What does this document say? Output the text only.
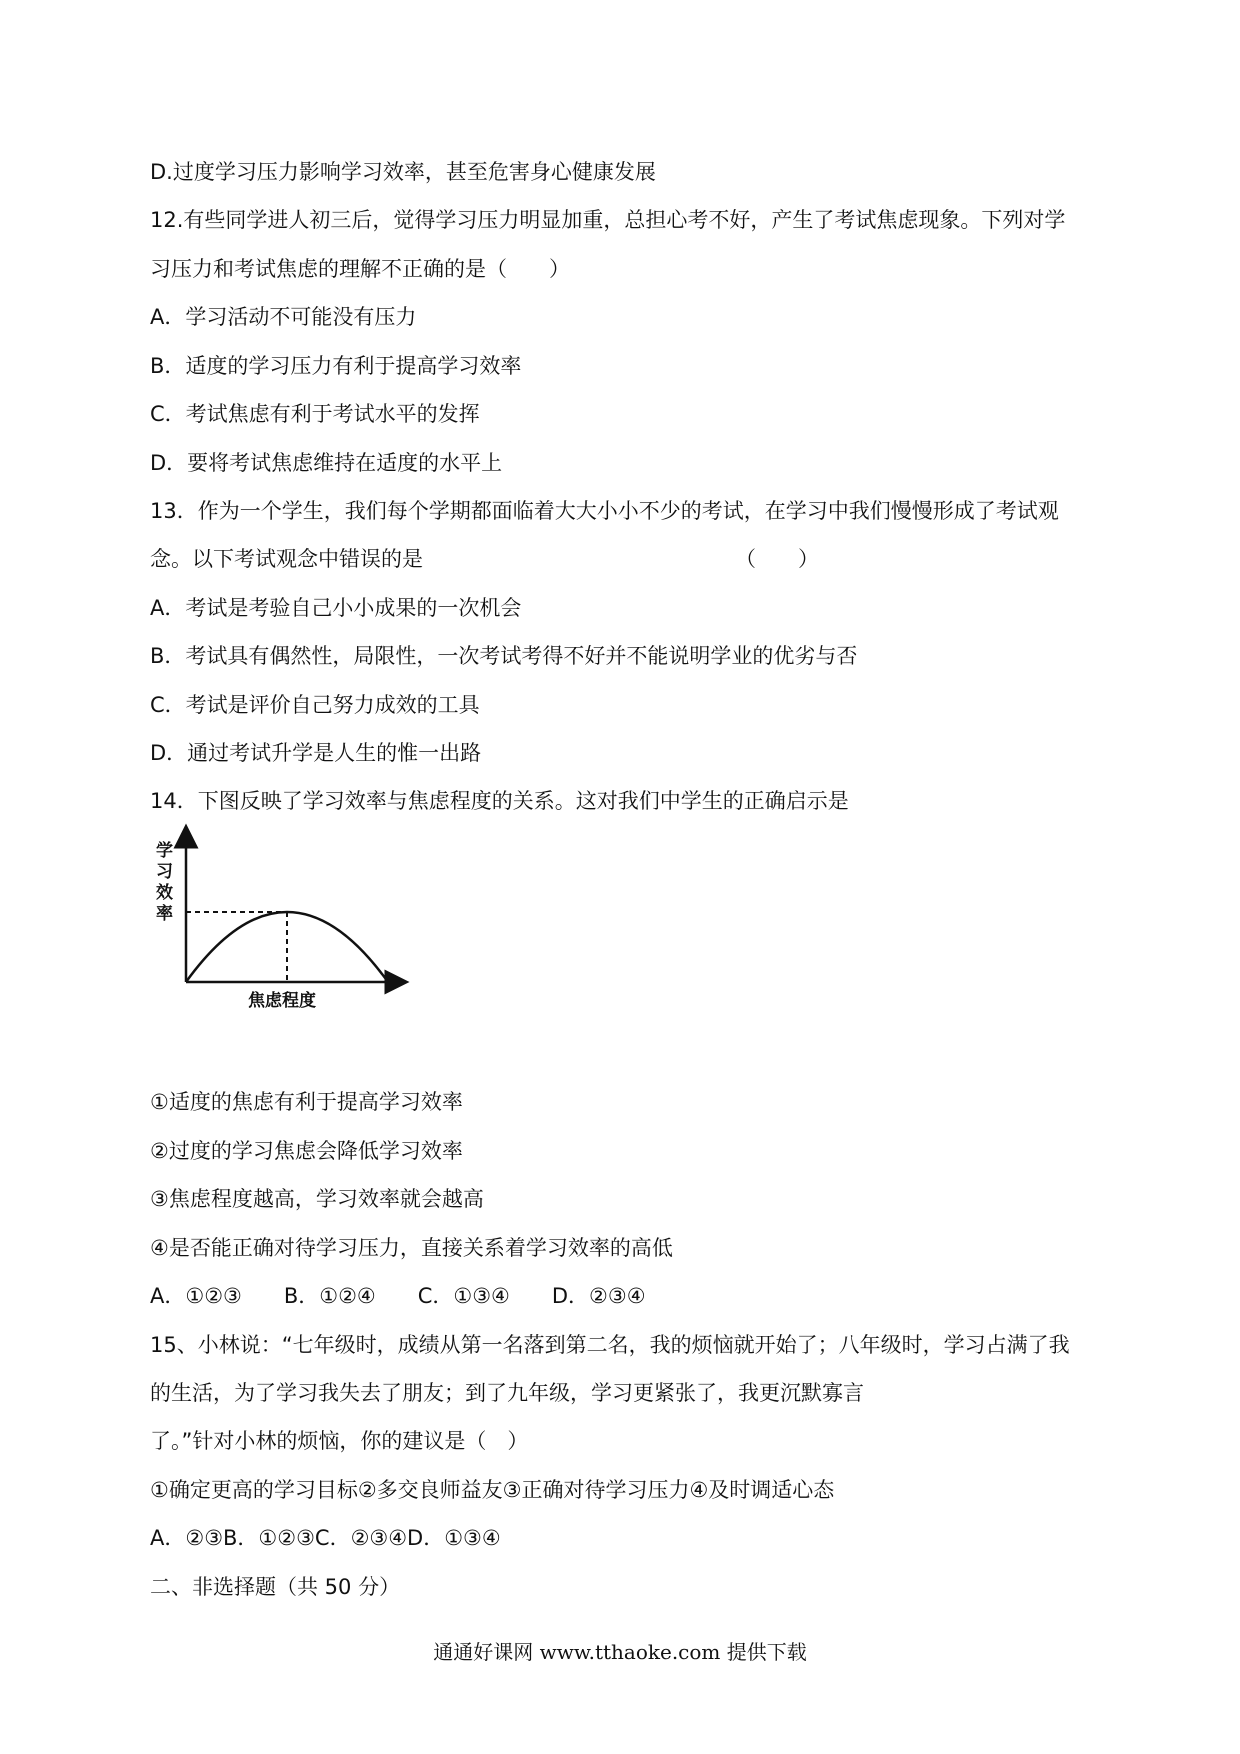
D.过度学习压力影响学习效率，甚至危害身心健康发展
12.有些同学进人初三后，觉得学习压力明显加重，总担心考不好，产生了考试焦虑现象。下列对学
习压力和考试焦虑的理解不正确的是（　　）
A．学习活动不可能没有压力
B．适度的学习压力有利于提高学习效率
C．考试焦虑有利于考试水平的发挥
D．要将考试焦虑维持在适度的水平上
13．作为一个学生，我们每个学期都面临着大大小小不少的考试，在学习中我们慢慢形成了考试观
念。以下考试观念中错误的是	（　　）
A．考试是考验自己小小成果的一次机会
B．考试具有偶然性，局限性，一次考试考得不好并不能说明学业的优劣与否
C．考试是评价自己努力成效的工具
D．通过考试升学是人生的惟一出路
14．下图反映了学习效率与焦虑程度的关系。这对我们中学生的正确启示是
学
习
效
率
焦虑程度
①适度的焦虑有利于提高学习效率
②过度的学习焦虑会降低学习效率
③焦虑程度越高，学习效率就会越高
④是否能正确对待学习压力，直接关系着学习效率的高低
A．①②③　　B．①②④　　C．①③④　　D．②③④
15、小林说：“七年级时，成绩从第一名落到第二名，我的烦恼就开始了；八年级时，学习占满了我
的生活，为了学习我失去了朋友；到了九年级，学习更紧张了，我更沉默寡言
了。”针对小林的烦恼，你的建议是（　）
①确定更高的学习目标②多交良师益友③正确对待学习压力④及时调适心态
A．②③B．①②③C．②③④D．①③④
二、非选择题（共 50 分）
通通好课网 www.tthaoke.com 提供下载
